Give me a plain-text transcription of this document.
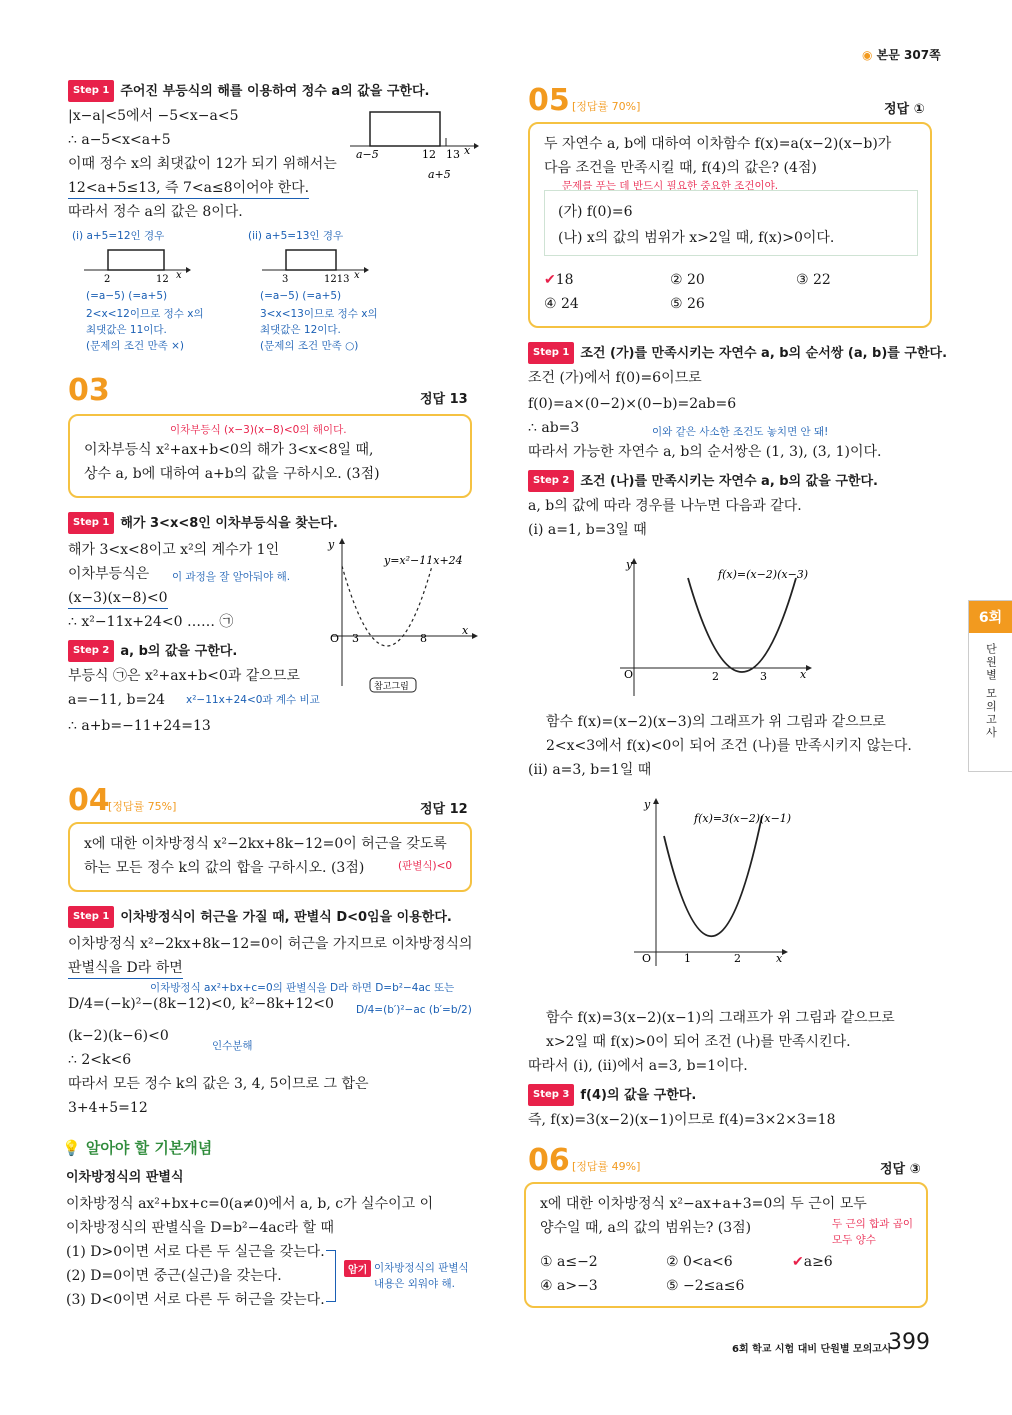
◉ 본문 307쪽
Step 1 주어진 부등식의 해를 이용하여 정수 a의 값을 구한다.
|x−a|<5에서 −5<x−a<5
∴ a−5<x<a+5
이때 정수 x의 최댓값이 12가 되기 위해서는
12<a+5≤13, 즉 7<a≤8이어야 한다.
따라서 정수 a의 값은 8이다.
a−5	12 13 x
a+5
(i) a+5=12인 경우	(ii) a+5=13인 경우
2	12 x	3	1213 x
(=a−5) (=a+5)
2<x<12이므로 정수 x의
최댓값은 11이다.
(문제의 조건 만족 ×)
(=a−5) (=a+5)
3<x<13이므로 정수 x의
최댓값은 12이다.
(문제의 조건 만족 ○)
03	정답 13
이차부등식 (x−3)(x−8)<0의 해이다.
이차부등식 x²+ax+b<0의 해가 3<x<8일 때,
상수 a, b에 대하여 a+b의 값을 구하시오. (3점)
Step 1 해가 3<x<8인 이차부등식을 찾는다.
해가 3<x<8이고 x²의 계수가 1인
이차부등식은 이 과정을 잘 알아둬야 해.
(x−3)(x−8)<0
∴ x²−11x+24<0 …… ㉠
Step 2 a, b의 값을 구한다.
부등식 ㉠은 x²+ax+b<0과 같으므로
a=−11, b=24 x²−11x+24<0과 계수 비교
∴ a+b=−11+24=13
O 3	8
x
y
y=x²−11x+24
참고그림
04
[정답률 75%]	정답 12
x에 대한 이차방정식 x²−2kx+8k−12=0이 허근을 갖도록
하는 모든 정수 k의 값의 합을 구하시오. (3점)	(판별식)<0
Step 1 이차방정식이 허근을 가질 때, 판별식 D<0임을 이용한다.
이차방정식 x²−2kx+8k−12=0이 허근을 가지므로 이차방정식의
판별식을 D라 하면
이차방정식 ax²+bx+c=0의 판별식을 D라 하면 D=b²−4ac 또는
D/4=(−k)²−(8k−12)<0, k²−8k+12<0 D/4=(b′)²−ac (b′=b/2)
(k−2)(k−6)<0
인수분해
∴ 2<k<6
따라서 모든 정수 k의 값은 3, 4, 5이므로 그 합은
3+4+5=12
💡 알아야 할 기본개념
이차방정식의 판별식
이차방정식 ax²+bx+c=0(a≠0)에서 a, b, c가 실수이고 이
이차방정식의 판별식을 D=b²−4ac라 할 때
(1) D>0이면 서로 다른 두 실근을 갖는다.
(2) D=0이면 중근(실근)을 갖는다.
(3) D<0이면 서로 다른 두 허근을 갖는다.
암기 이차방정식의 판별식
내용은 외워야 해.
05 [정답률 70%]	정답 ①
두 자연수 a, b에 대하여 이차함수 f(x)=a(x−2)(x−b)가
다음 조건을 만족시킬 때, f(4)의 값은? (4점)
문제를 푸는 데 반드시 필요한 중요한 조건이야.
(가) f(0)=6
(나) x의 값의 범위가 x>2일 때, f(x)>0이다.
✔18	② 20	③ 22
④ 24	⑤ 26
Step 1 조건 (가)를 만족시키는 자연수 a, b의 순서쌍 (a, b)를 구한다.
조건 (가)에서 f(0)=6이므로
f(0)=a×(0−2)×(0−b)=2ab=6
∴ ab=3	이와 같은 사소한 조건도 놓치면 안 돼!
따라서 가능한 자연수 a, b의 순서쌍은 (1, 3), (3, 1)이다.
Step 2 조건 (나)를 만족시키는 자연수 a, b의 값을 구한다.
a, b의 값에 따라 경우를 나누면 다음과 같다.
(i) a=1, b=3일 때
O	2	3	x
y
f(x)=(x−2)(x−3)
함수 f(x)=(x−2)(x−3)의 그래프가 위 그림과 같으므로
2<x<3에서 f(x)<0이 되어 조건 (나)를 만족시키지 않는다.
(ii) a=3, b=1일 때
O	1	2	x
y
f(x)=3(x−2)(x−1)
함수 f(x)=3(x−2)(x−1)의 그래프가 위 그림과 같으므로
x>2일 때 f(x)>0이 되어 조건 (나)를 만족시킨다.
따라서 (i), (ii)에서 a=3, b=1이다.
Step 3 f(4)의 값을 구한다.
즉, f(x)=3(x−2)(x−1)이므로 f(4)=3×2×3=18
06 [정답률 49%]	정답 ③
x에 대한 이차방정식 x²−ax+a+3=0의 두 근이 모두
양수일 때, a의 값의 범위는? (3점)	두 근의 합과 곱이
모두 양수
① a≤−2	② 0<a<6	✔a≥6
④ a>−3	⑤ −2≤a≤6
6회
단원별 모의고사
6회 학교 시험 대비 단원별 모의고사
399
